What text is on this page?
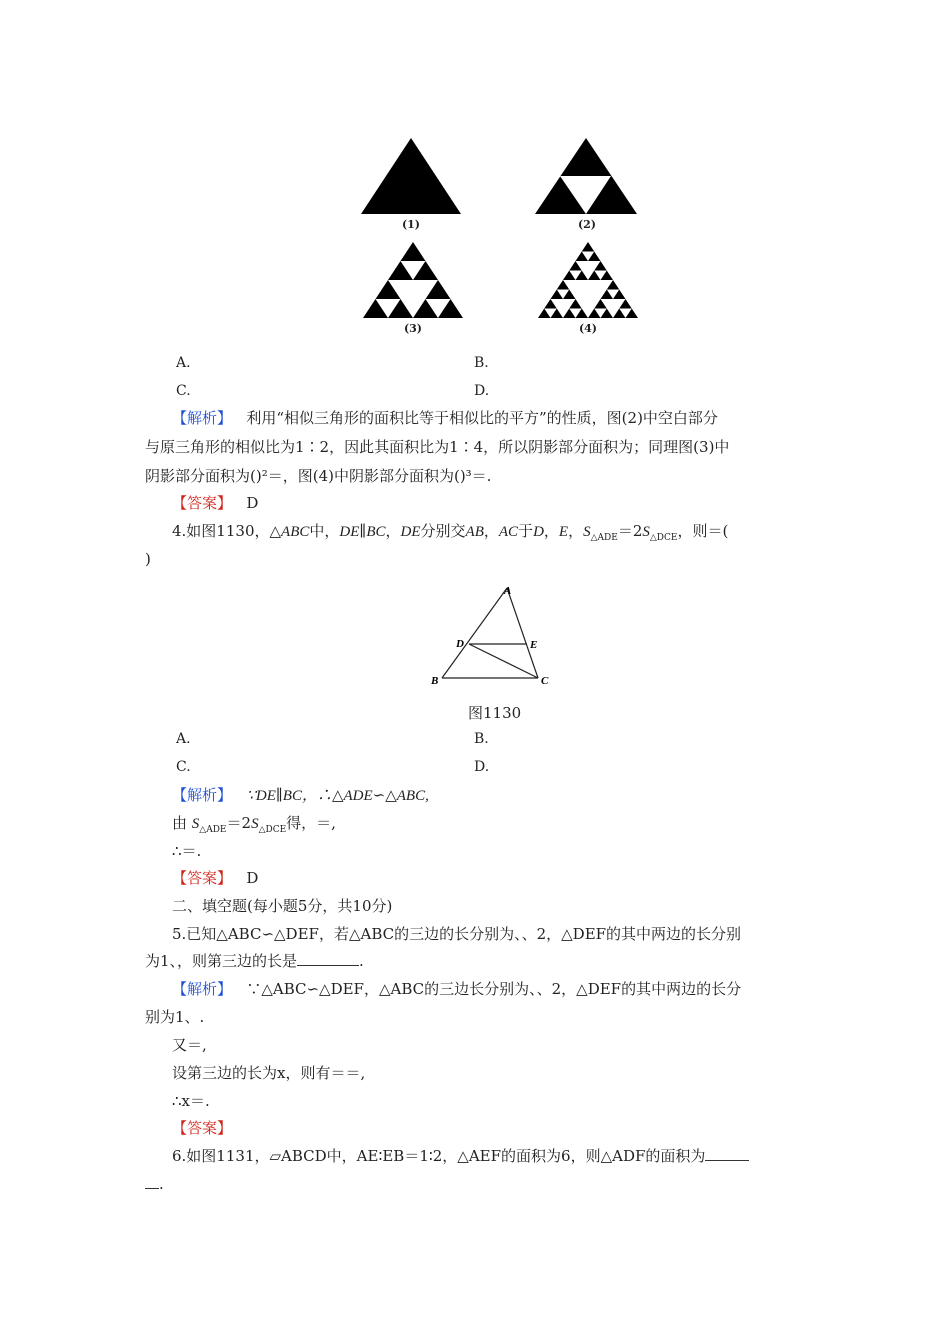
(1)	(2)
(3)	(4)
A.	B.
C.	D.
【解析】 利用“相似三角形的面积比等于相似比的平方”的性质，图(2)中空白部分
与原三角形的相似比为1∶2，因此其面积比为1∶4，所以阴影部分面积为；同理图(3)中
阴影部分面积为()²＝，图(4)中阴影部分面积为()³＝.
【答案】 D
4.如图1130，△ABC中，DE∥BC，DE分别交AB，AC于D，E，$S_{\triangle ADE}=2S_{\triangle DCE}$，则＝(
)
A
B	C
D	E
图1130
A.	B.
C.	D.
【解析】 ∵DE∥BC，∴△ADE∽△ABC,
由 $S_{\triangle ADE}=2S_{\triangle DCE}$得，＝,
∴＝.
【答案】 D
二、填空题(每小题5分，共10分)
5.已知△ABC∽△DEF，若△ABC的三边的长分别为、、2，△DEF的其中两边的长分别
为1、，则第三边的长是	.
【解析】 ∵△ABC∽△DEF，△ABC的三边长分别为、、2，△DEF的其中两边的长分
别为1、.
又＝,
设第三边的长为x，则有＝＝,
∴x＝.
【答案】
6.如图1131，▱ABCD中，AE∶EB＝1∶2，△AEF的面积为6，则△ADF的面积为
.
